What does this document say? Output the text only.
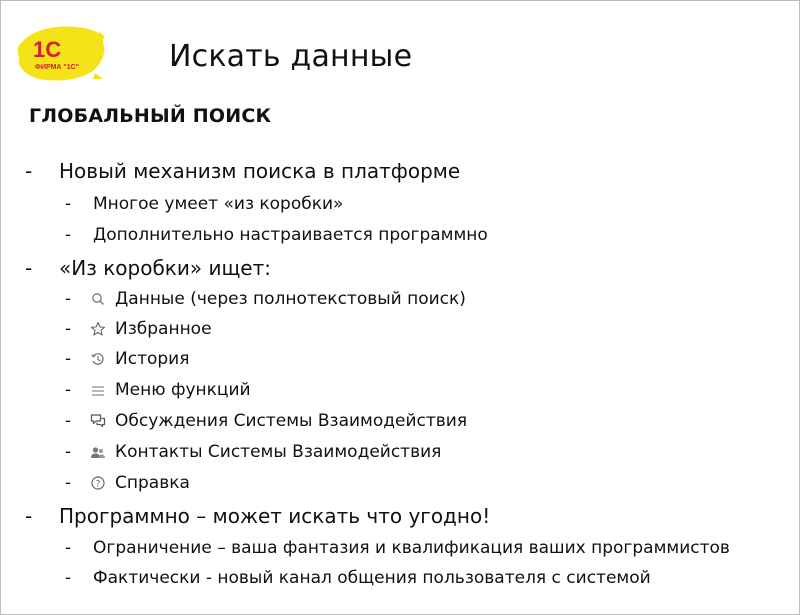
1С
ФИРМА "1С"	Искать данные
ГЛОБАЛЬНЫЙ ПОИСК
- Новый механизм поиска в платформе
- Многое умеет «из коробки»
- Дополнительно настраивается программно
- «Из коробки» ищет:
-	Данные (через полнотекстовый поиск)
-	Избранное
-	История
-	Меню функций
-	Обсуждения Системы Взаимодействия
-	Контакты Системы Взаимодействия
-	? Справка
- Программно – может искать что угодно!
- Ограничение – ваша фантазия и квалификация ваших программистов
- Фактически - новый канал общения пользователя с системой
